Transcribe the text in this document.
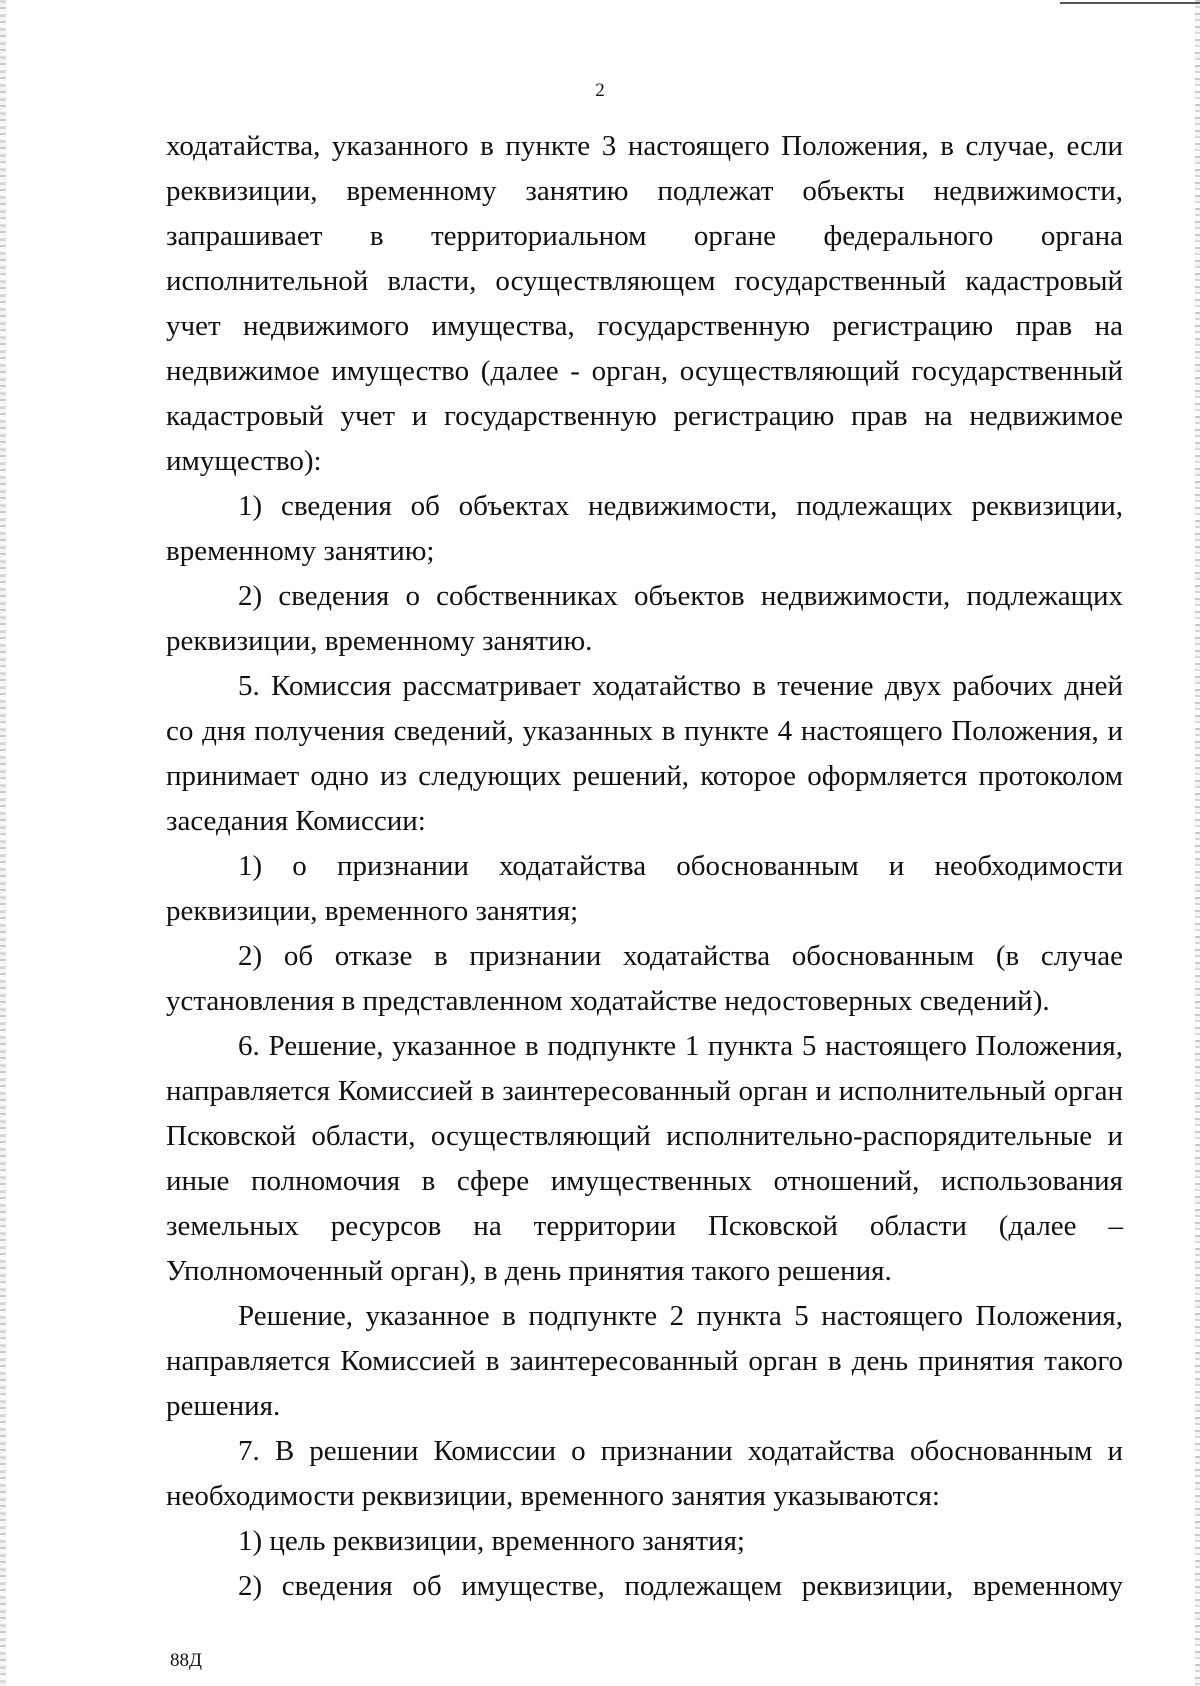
2

ходатайства, указанного в пункте 3 настоящего Положения, в случае, если реквизиции, временному занятию подлежат объекты недвижимости, запрашивает в территориальном органе федерального органа исполнительной власти, осуществляющем государственный кадастровый учет недвижимого имущества, государственную регистрацию прав на недвижимое имущество (далее - орган, осуществляющий государственный кадастровый учет и государственную регистрацию прав на недвижимое имущество):

1) сведения об объектах недвижимости, подлежащих реквизиции, временному занятию;

2) сведения о собственниках объектов недвижимости, подлежащих реквизиции, временному занятию.

5. Комиссия рассматривает ходатайство в течение двух рабочих дней со дня получения сведений, указанных в пункте 4 настоящего Положения, и принимает одно из следующих решений, которое оформляется протоколом заседания Комиссии:

1) о признании ходатайства обоснованным и необходимости реквизиции, временного занятия;

2) об отказе в признании ходатайства обоснованным (в случае установления в представленном ходатайстве недостоверных сведений).

6. Решение, указанное в подпункте 1 пункта 5 настоящего Положения, направляется Комиссией в заинтересованный орган и исполнительный орган Псковской области, осуществляющий исполнительно-распорядительные и иные полномочия в сфере имущественных отношений, использования земельных ресурсов на территории Псковской области (далее – Уполномоченный орган), в день принятия такого решения.

Решение, указанное в подпункте 2 пункта 5 настоящего Положения, направляется Комиссией в заинтересованный орган в день принятия такого решения.

7. В решении Комиссии о признании ходатайства обоснованным и необходимости реквизиции, временного занятия указываются:

1) цель реквизиции, временного занятия;

2) сведения об имуществе, подлежащем реквизиции, временному

88Д
